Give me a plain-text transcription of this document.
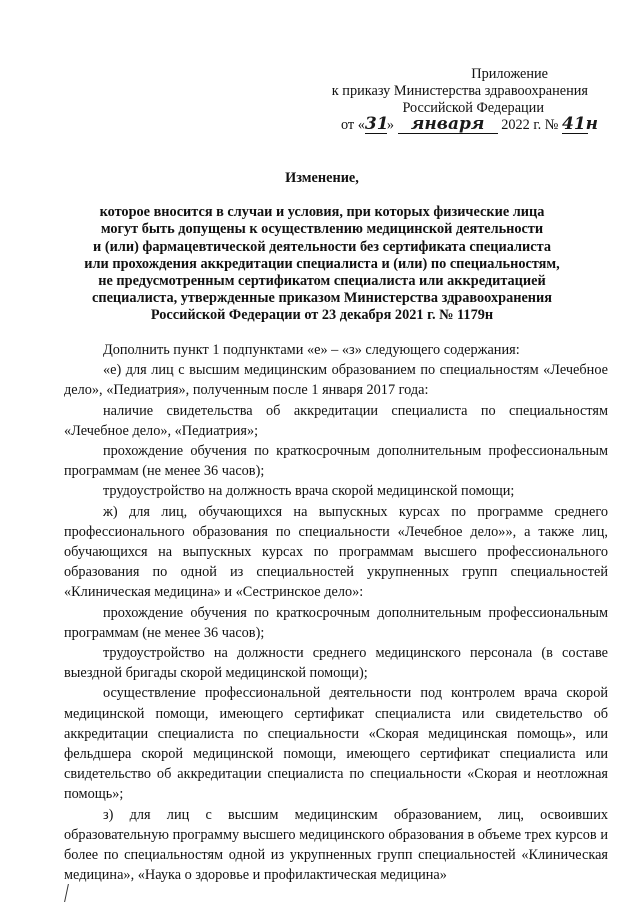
Приложение
к приказу Министерства здравоохранения
Российской Федерации
от «31» января 2022 г. № 41н
Изменение,
которое вносится в случаи и условия, при которых физические лица
могут быть допущены к осуществлению медицинской деятельности
и (или) фармацевтической деятельности без сертификата специалиста
или прохождения аккредитации специалиста и (или) по специальностям,
не предусмотренным сертификатом специалиста или аккредитацией
специалиста, утвержденные приказом Министерства здравоохранения
Российской Федерации от 23 декабря 2021 г. № 1179н

Дополнить пункт 1 подпунктами «е» – «з» следующего содержания:

«е) для лиц с высшим медицинским образованием по специальностям «Лечебное дело», «Педиатрия», полученным после 1 января 2017 года:

наличие свидетельства об аккредитации специалиста по специальностям «Лечебное дело», «Педиатрия»;

прохождение обучения по краткосрочным дополнительным профессиональным программам (не менее 36 часов);

трудоустройство на должность врача скорой медицинской помощи;

ж) для лиц, обучающихся на выпускных курсах по программе среднего профессионального образования по специальности «Лечебное дело»», а также лиц, обучающихся на выпускных курсах по программам высшего профессионального образования по одной из специальностей укрупненных групп специальностей «Клиническая медицина» и «Сестринское дело»:

прохождение обучения по краткосрочным дополнительным профессиональным программам (не менее 36 часов);

трудоустройство на должности среднего медицинского персонала (в составе выездной бригады скорой медицинской помощи);

осуществление профессиональной деятельности под контролем врача скорой медицинской помощи, имеющего сертификат специалиста или свидетельство об аккредитации специалиста по специальности «Скорая медицинская помощь», или фельдшера скорой медицинской помощи, имеющего сертификат специалиста или свидетельство об аккредитации специалиста по специальности «Скорая и неотложная помощь»;

з) для лиц с высшим медицинским образованием, лиц, освоивших образовательную программу высшего медицинского образования в объеме трех курсов и более по специальностям одной из укрупненных групп специальностей «Клиническая медицина», «Наука о здоровье и профилактическая медицина»
